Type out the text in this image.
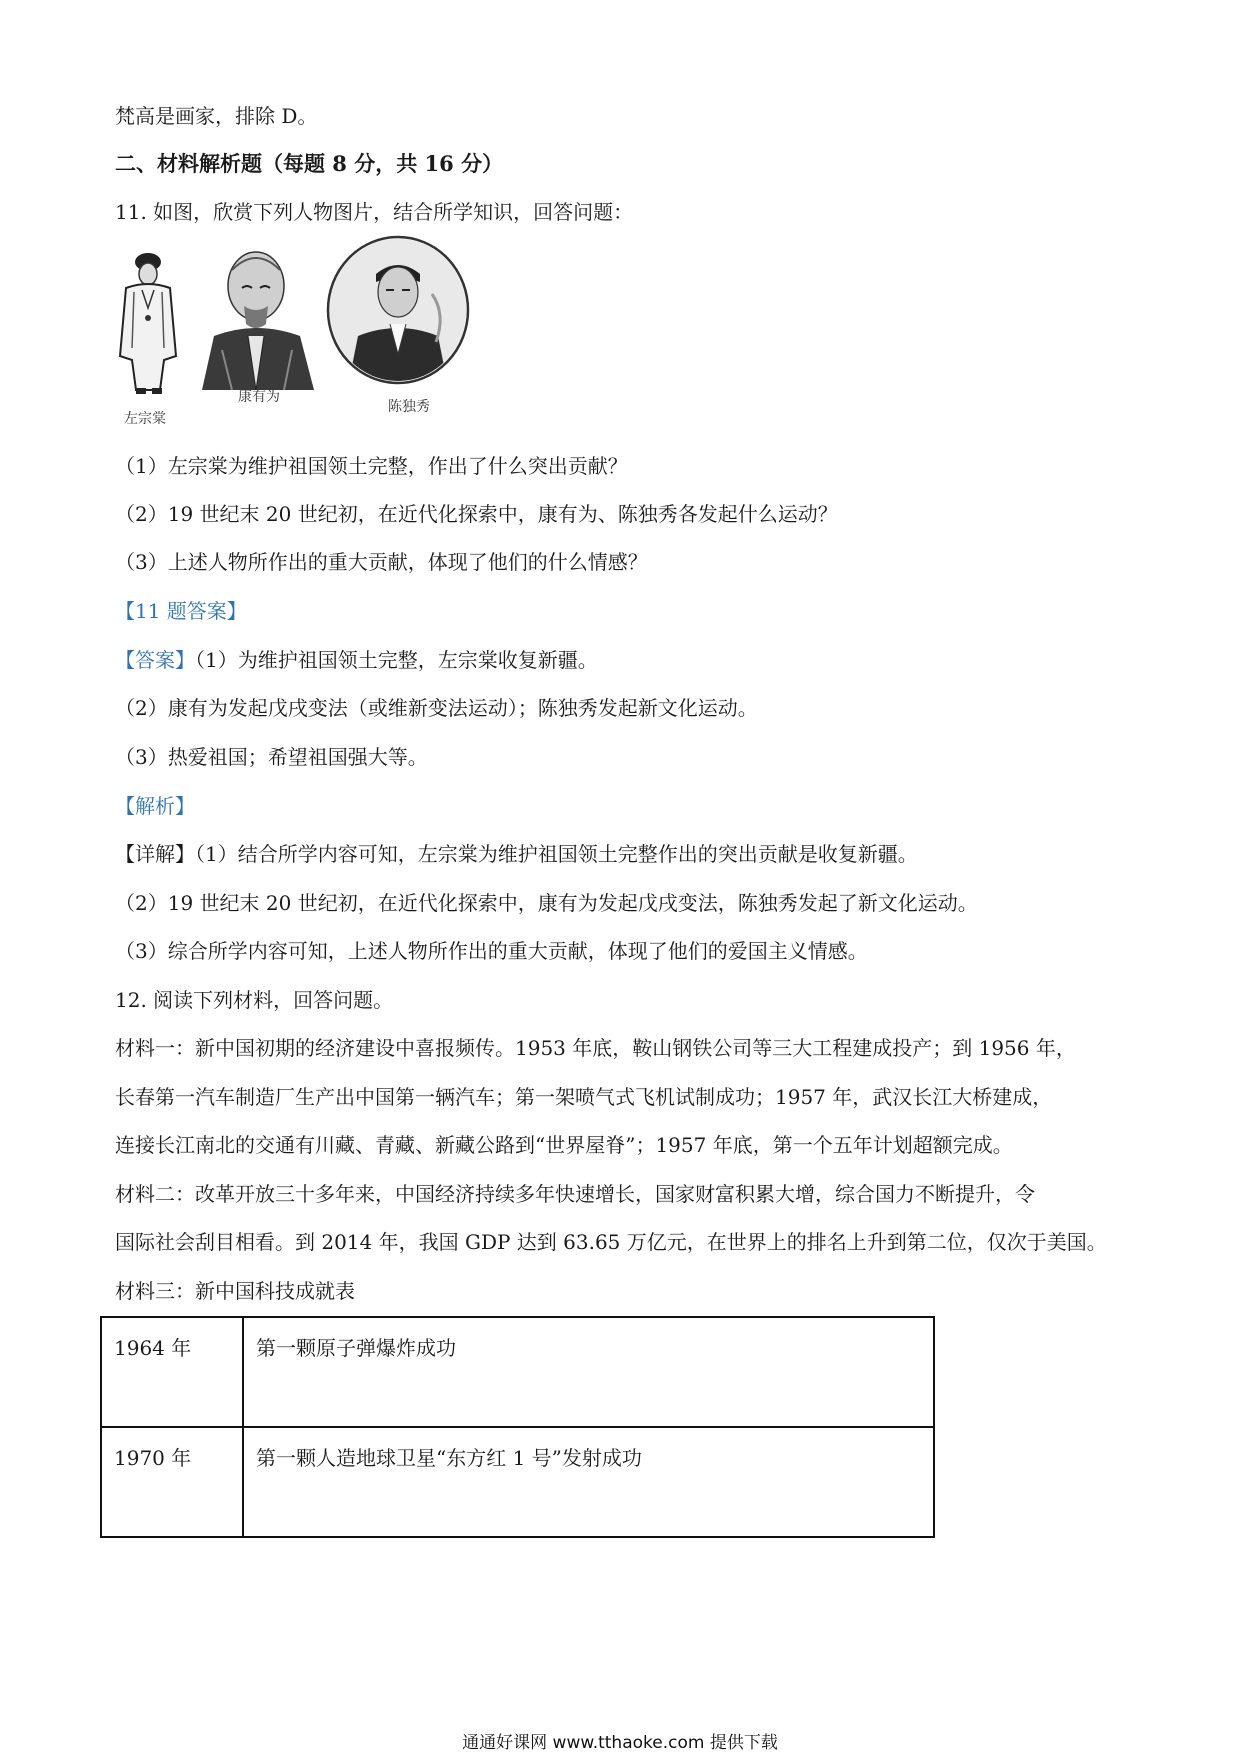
梵高是画家，排除 D。
二、材料解析题（每题 8 分，共 16 分）
11. 如图，欣赏下列人物图片，结合所学知识，回答问题：
左宗棠
康有为
陈独秀
（1）左宗棠为维护祖国领土完整，作出了什么突出贡献？
（2）19 世纪末 20 世纪初，在近代化探索中，康有为、陈独秀各发起什么运动？
（3）上述人物所作出的重大贡献，体现了他们的什么情感？
【11 题答案】
【答案】（1）为维护祖国领土完整，左宗棠收复新疆。
（2）康有为发起戊戌变法（或维新变法运动）；陈独秀发起新文化运动。
（3）热爱祖国；希望祖国强大等。
【解析】
【详解】（1）结合所学内容可知，左宗棠为维护祖国领土完整作出的突出贡献是收复新疆。
（2）19 世纪末 20 世纪初，在近代化探索中，康有为发起戊戌变法，陈独秀发起了新文化运动。
（3）综合所学内容可知，上述人物所作出的重大贡献，体现了他们的爱国主义情感。
12. 阅读下列材料，回答问题。
材料一：新中国初期的经济建设中喜报频传。1953 年底，鞍山钢铁公司等三大工程建成投产；到 1956 年，
长春第一汽车制造厂生产出中国第一辆汽车；第一架喷气式飞机试制成功；1957 年，武汉长江大桥建成，
连接长江南北的交通有川藏、青藏、新藏公路到“世界屋脊”；1957 年底，第一个五年计划超额完成。
材料二：改革开放三十多年来，中国经济持续多年快速增长，国家财富积累大增，综合国力不断提升，令
国际社会刮目相看。到 2014 年，我国 GDP 达到 63.65 万亿元，在世界上的排名上升到第二位，仅次于美国。
材料三：新中国科技成就表
1964 年	第一颗原子弹爆炸成功
1970 年	第一颗人造地球卫星“东方红 1 号”发射成功
通通好课网 www.tthaoke.com 提供下载
